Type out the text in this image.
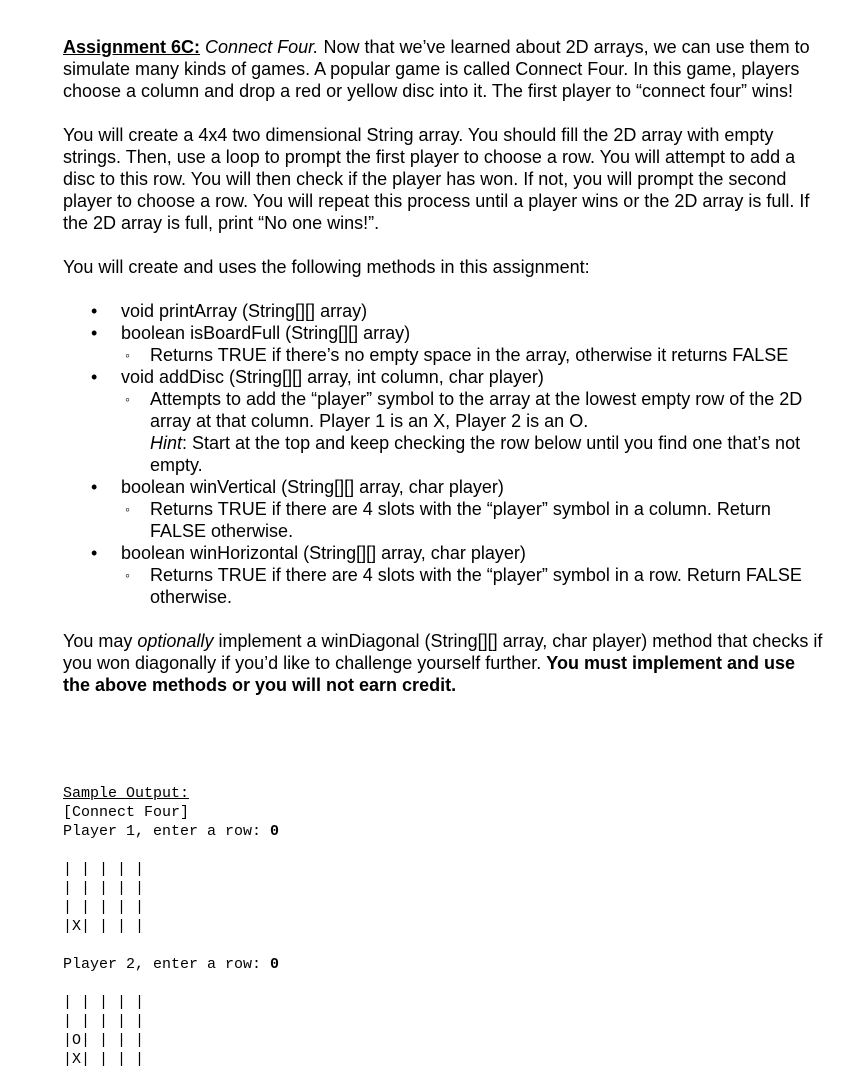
Assignment 6C: Connect Four. Now that we’ve learned about 2D arrays, we can use them to simulate many kinds of games. A popular game is called Connect Four. In this game, players choose a column and drop a red or yellow disc into it. The first player to “connect four” wins!

You will create a 4x4 two dimensional String array. You should fill the 2D array with empty strings. Then, use a loop to prompt the first player to choose a row. You will attempt to add a disc to this row. You will then check if the player has won. If not, you will prompt the second player to choose a row. You will repeat this process until a player wins or the 2D array is full. If the 2D array is full, print “No one wins!”.

You will create and uses the following methods in this assignment:

• void printArray (String[][] array)
• boolean isBoardFull (String[][] array)
◦ Returns TRUE if there’s no empty space in the array, otherwise it returns FALSE
• void addDisc (String[][] array, int column, char player)
◦ Attempts to add the “player” symbol to the array at the lowest empty row of the 2D array at that column. Player 1 is an X, Player 2 is an O.
Hint: Start at the top and keep checking the row below until you find one that’s not empty.
• boolean winVertical (String[][] array, char player)
◦ Returns TRUE if there are 4 slots with the “player” symbol in a column. Return FALSE otherwise.
• boolean winHorizontal (String[][] array, char player)
◦ Returns TRUE if there are 4 slots with the “player” symbol in a row. Return FALSE otherwise.

You may optionally implement a winDiagonal (String[][] array, char player) method that checks if you won diagonally if you’d like to challenge yourself further. You must implement and use the above methods or you will not earn credit.

Sample Output:
[Connect Four]
Player 1, enter a row: 0

| | | | |
| | | | |
| | | | |
|X| | | |

Player 2, enter a row: 0

| | | | |
| | | | |
|O| | | |
|X| | | |
